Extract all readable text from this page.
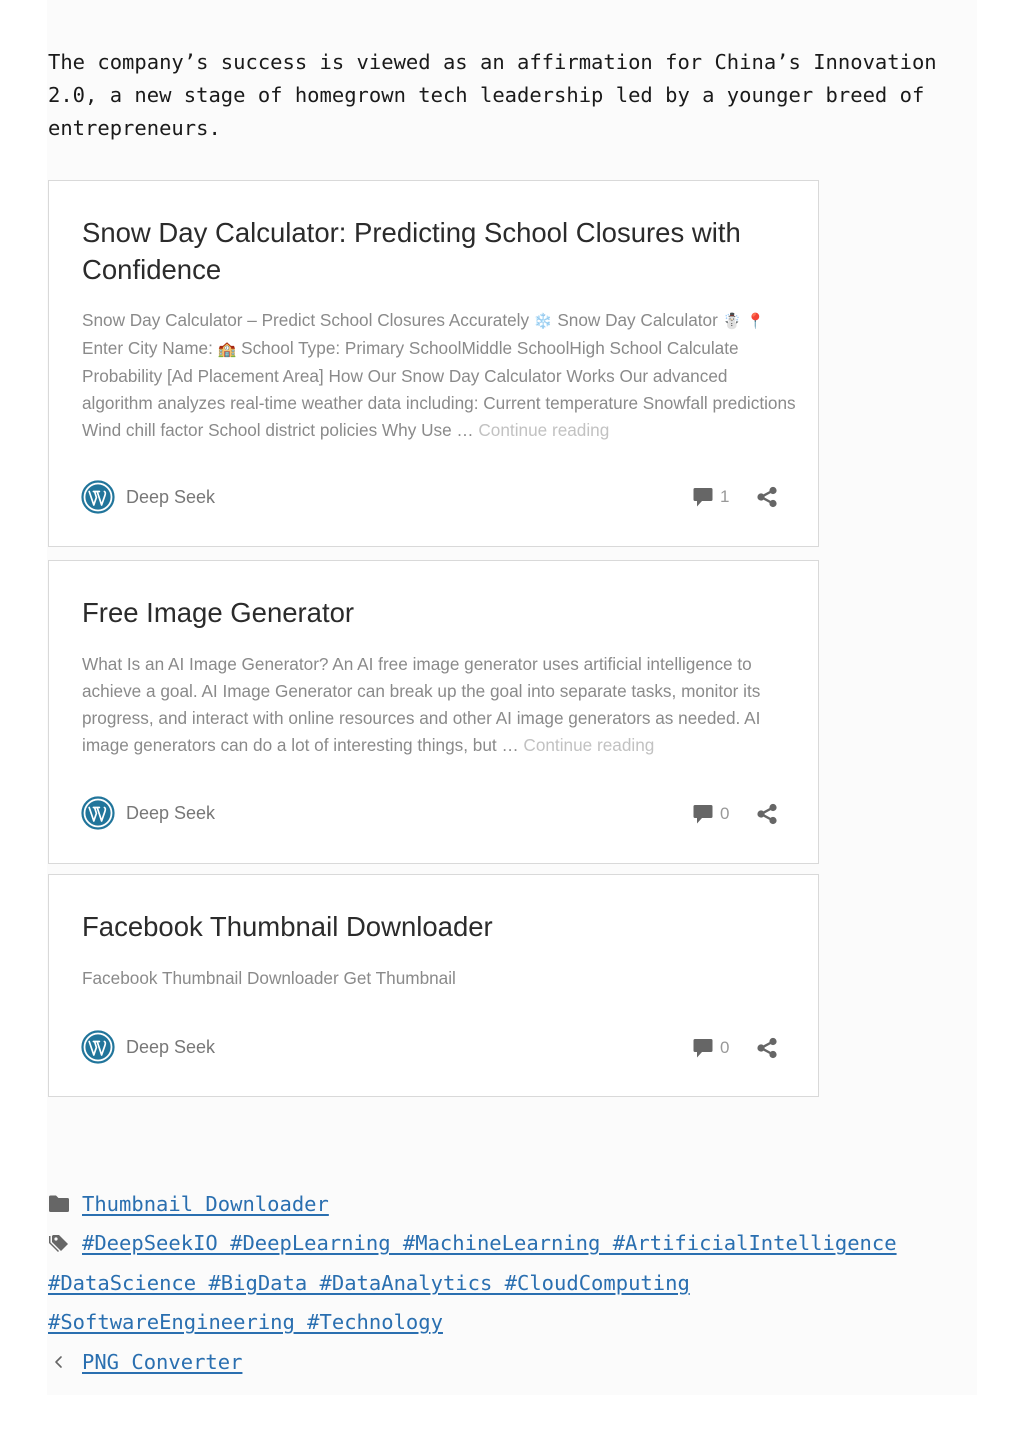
The company’s success is viewed as an affirmation for China’s Innovation 2.0, a new stage of homegrown tech leadership led by a younger breed of entrepreneurs.

Snow Day Calculator: Predicting School Closures with Confidence

Snow Day Calculator – Predict School Closures Accurately ❄️ Snow Day Calculator ☃️ 📍 Enter City Name: 🏫 School Type: Primary SchoolMiddle SchoolHigh School Calculate Probability [Ad Placement Area] How Our Snow Day Calculator Works Our advanced algorithm analyzes real-time weather data including: Current temperature Snowfall predictions Wind chill factor School district policies Why Use … Continue reading

Deep Seek	1
Free Image Generator

What Is an AI Image Generator? An AI free image generator uses artificial intelligence to achieve a goal. AI Image Generator can break up the goal into separate tasks, monitor its progress, and interact with online resources and other AI image generators as needed. AI image generators can do a lot of interesting things, but … Continue reading

Deep Seek	0
Facebook Thumbnail Downloader

Facebook Thumbnail Downloader Get Thumbnail

Deep Seek	0

Thumbnail Downloader

#DeepSeekIO #DeepLearning #MachineLearning #ArtificialIntelligence

#DataScience #BigData #DataAnalytics #CloudComputing

#SoftwareEngineering #Technology

PNG Converter
